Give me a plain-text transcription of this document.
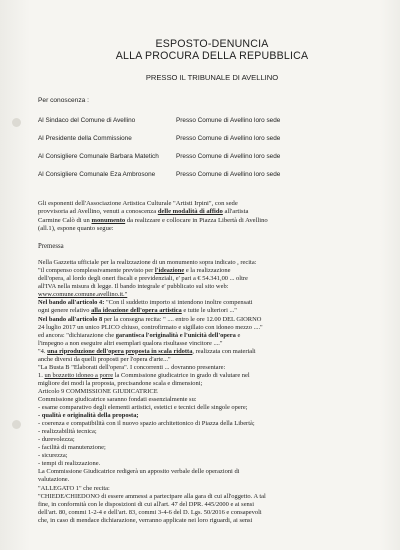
ESPOSTO-DENUNCIA

ALLA PROCURA DELLA REPUBBLICA

PRESSO IL TRIBUNALE DI AVELLINO
Per conoscenza :
Al Sindaco del Comune di Avellino	Presso Comune di Avellino loro sede
Al Presidente della Commissione	Presso Comune di Avellino loro sede
Al Consigliere Comunale Barbara Matetich	Presso Comune di Avellino loro sede
Al Consigliere Comunale Eza Ambrosone	Presso Comune di Avellino loro sede
Gli esponenti dell'Associazione Artistica Culturale "Artisti Irpini", con sede
provvisoria ad Avellino, venuti a conoscenza delle modalità di affido all'artista
Carmine Calò di un monumento da realizzare e collocare in Piazza Libertà di Avellino
(all.1), espone quanto segue:
Premessa
Nella Gazzetta ufficiale per la realizzazione di un monumento sopra indicato , recita:
"il compenso complessivamente previsto per l'ideazione e la realizzazione
dell'opera, al lordo degli oneri fiscali e previdenziali, e' pari a € 54.341,00 ... oltre
all'IVA nella misura di legge. Il bando integrale e' pubblicato sul sito web:
www.comune.comune.avellino.it."
Nel bando all'articolo 4: "Con il suddetto importo si intendono inoltre compensati
ogni genere relativo alla ideazione dell'opera artistica e tutte le ulteriori ..."
Nel bando all'articolo 8 per la consegna recita: " .... entro le ore 12.00 DEL GIORNO
24 luglio 2017 un unico PLICO chiuso, controfirmato e sigillato con idoneo mezzo ...."
ed ancora: "dichiarazione che garantisca l'originalità e l'unicità dell'opera e
l'impegno a non eseguire altri esemplari qualora risultasse vincitore ...."
"4. una riproduzione dell'opera proposta in scala ridotta, realizzata con materiali
anche diversi da quelli proposti per l'opera d'arte..."
"La Busta B "Elaborati dell'opera". I concorrenti ... dovranno presentare:
1. un bozzetto idoneo a porre la Commissione giudicatrice in grado di valutare nel
migliore dei modi la proposta, precisandone scala e dimensioni;
Articolo 9 COMMISSIONE GIUDICATRICE
Commissione giudicatrice saranno fondati essenzialmente su:
- esame comparativo degli elementi artistici, estetici e tecnici delle singole opere;
- qualità e originalità della proposta;
- coerenza e compatibilità con il nuovo spazio architettonico di Piazza della Libertà;
- realizzabilità tecnica;
- durevolezza;
- facilità di manutenzione;
- sicurezza;
- tempi di realizzazione.
La Commissione Giudicatrice redigerà un apposito verbale delle operazioni di
valutazione.
"ALLEGATO 1" che recita:
"CHIEDE/CHIEDONO di essere ammessi a partecipare alla gara di cui all'oggetto. A tal
fine, in conformità con le disposizioni di cui all'art. 47 del DPR. 445/2000 e ai sensi
dell'art. 80, commi 1-2-4 e dell'art. 83, commi 3-4-6 del D. Lgs. 50/2016 e consapevoli
che, in caso di mendace dichiarazione, verranno applicate nei loro riguardi, ai sensi
